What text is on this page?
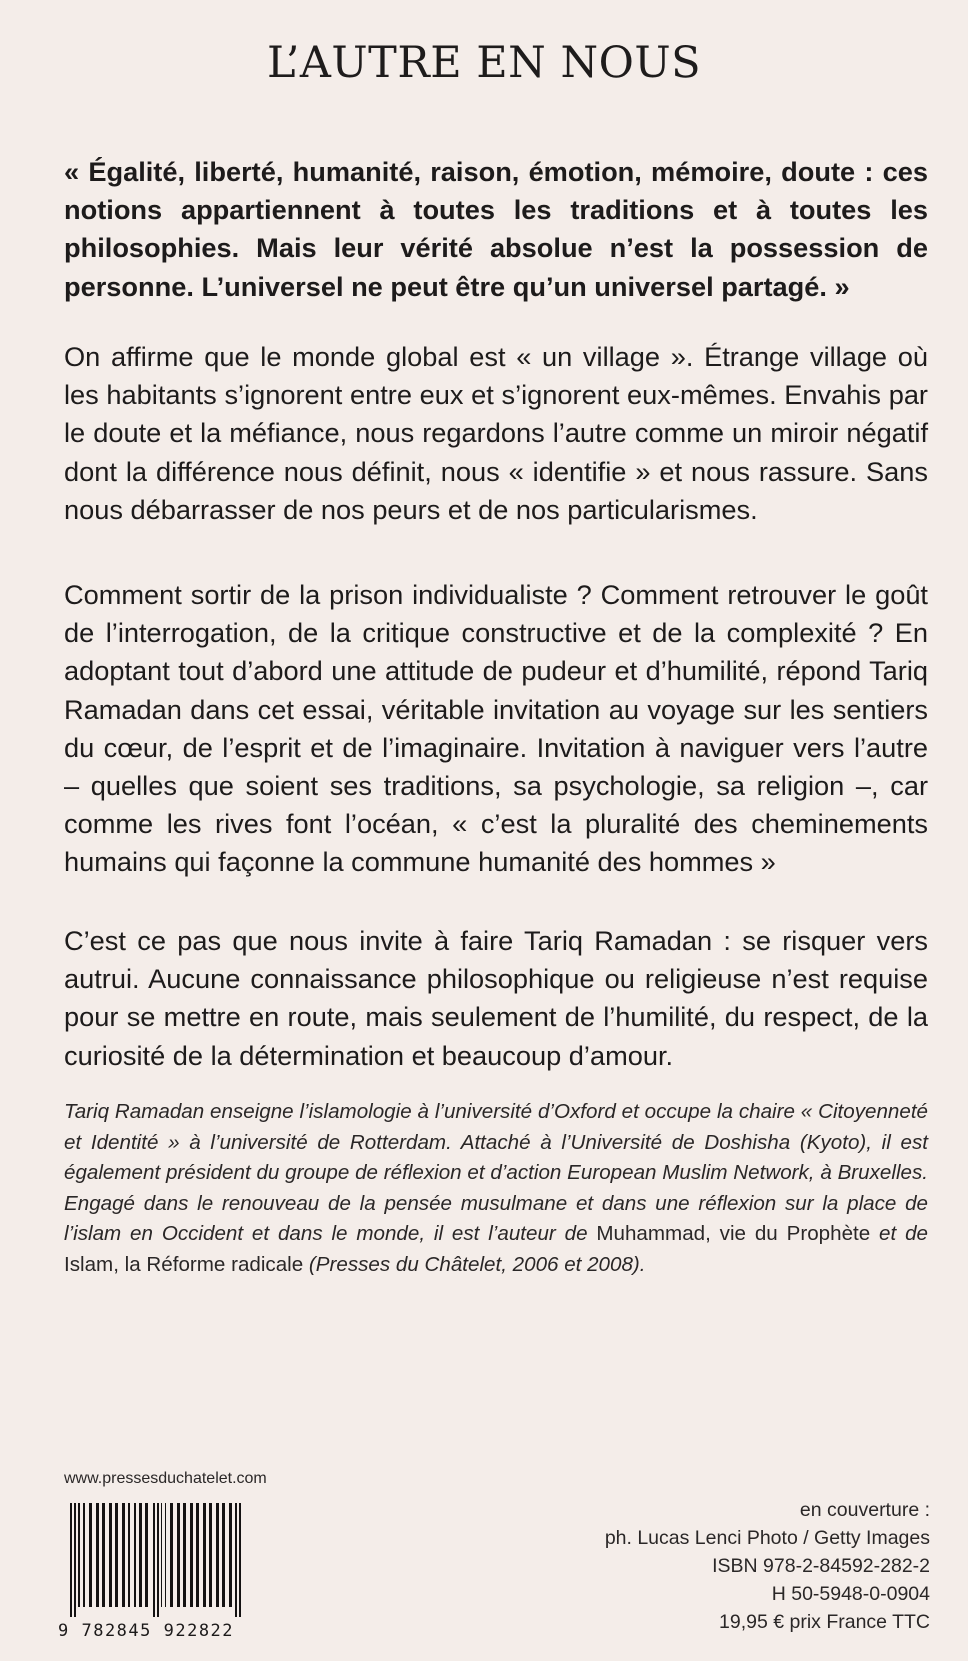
L’AUTRE EN NOUS

« Égalité, liberté, humanité, raison, émotion, mémoire, doute : ces notions appartiennent à toutes les traditions et à toutes les philosophies. Mais leur vérité absolue n’est la possession de personne. L’universel ne peut être qu’un universel partagé. »

On affirme que le monde global est « un village ». Étrange village où les habitants s’ignorent entre eux et s’ignorent eux-mêmes. Envahis par le doute et la méfiance, nous regardons l’autre comme un miroir négatif dont la différence nous définit, nous « identifie » et nous rassure. Sans nous débarrasser de nos peurs et de nos particularismes.

Comment sortir de la prison individualiste ? Comment retrouver le goût de l’interrogation, de la critique constructive et de la complexité ? En adoptant tout d’abord une attitude de pudeur et d’humilité, répond Tariq Ramadan dans cet essai, véritable invitation au voyage sur les sentiers du cœur, de l’esprit et de l’imaginaire. Invitation à naviguer vers l’autre – quelles que soient ses traditions, sa psychologie, sa religion –, car comme les rives font l’océan, « c’est la pluralité des cheminements humains qui façonne la commune humanité des hommes »

C’est ce pas que nous invite à faire Tariq Ramadan : se risquer vers autrui. Aucune connaissance philosophique ou religieuse n’est requise pour se mettre en route, mais seulement de l’humilité, du respect, de la curiosité de la détermination et beaucoup d’amour.

Tariq Ramadan enseigne l’islamologie à l’université d’Oxford et occupe la chaire « Citoyenneté et Identité » à l’université de Rotterdam. Attaché à l’Université de Doshisha (Kyoto), il est également président du groupe de réflexion et d’action European Muslim Network, à Bruxelles. Engagé dans le renouveau de la pensée musulmane et dans une réflexion sur la place de l’islam en Occident et dans le monde, il est l’auteur de Muhammad, vie du Prophète et de Islam, la Réforme radicale (Presses du Châtelet, 2006 et 2008).

www.pressesduchatelet.com
9 782845 922822
en couverture :
ph. Lucas Lenci Photo / Getty Images
ISBN 978-2-84592-282-2
H 50-5948-0-0904
19,95 € prix France TTC
